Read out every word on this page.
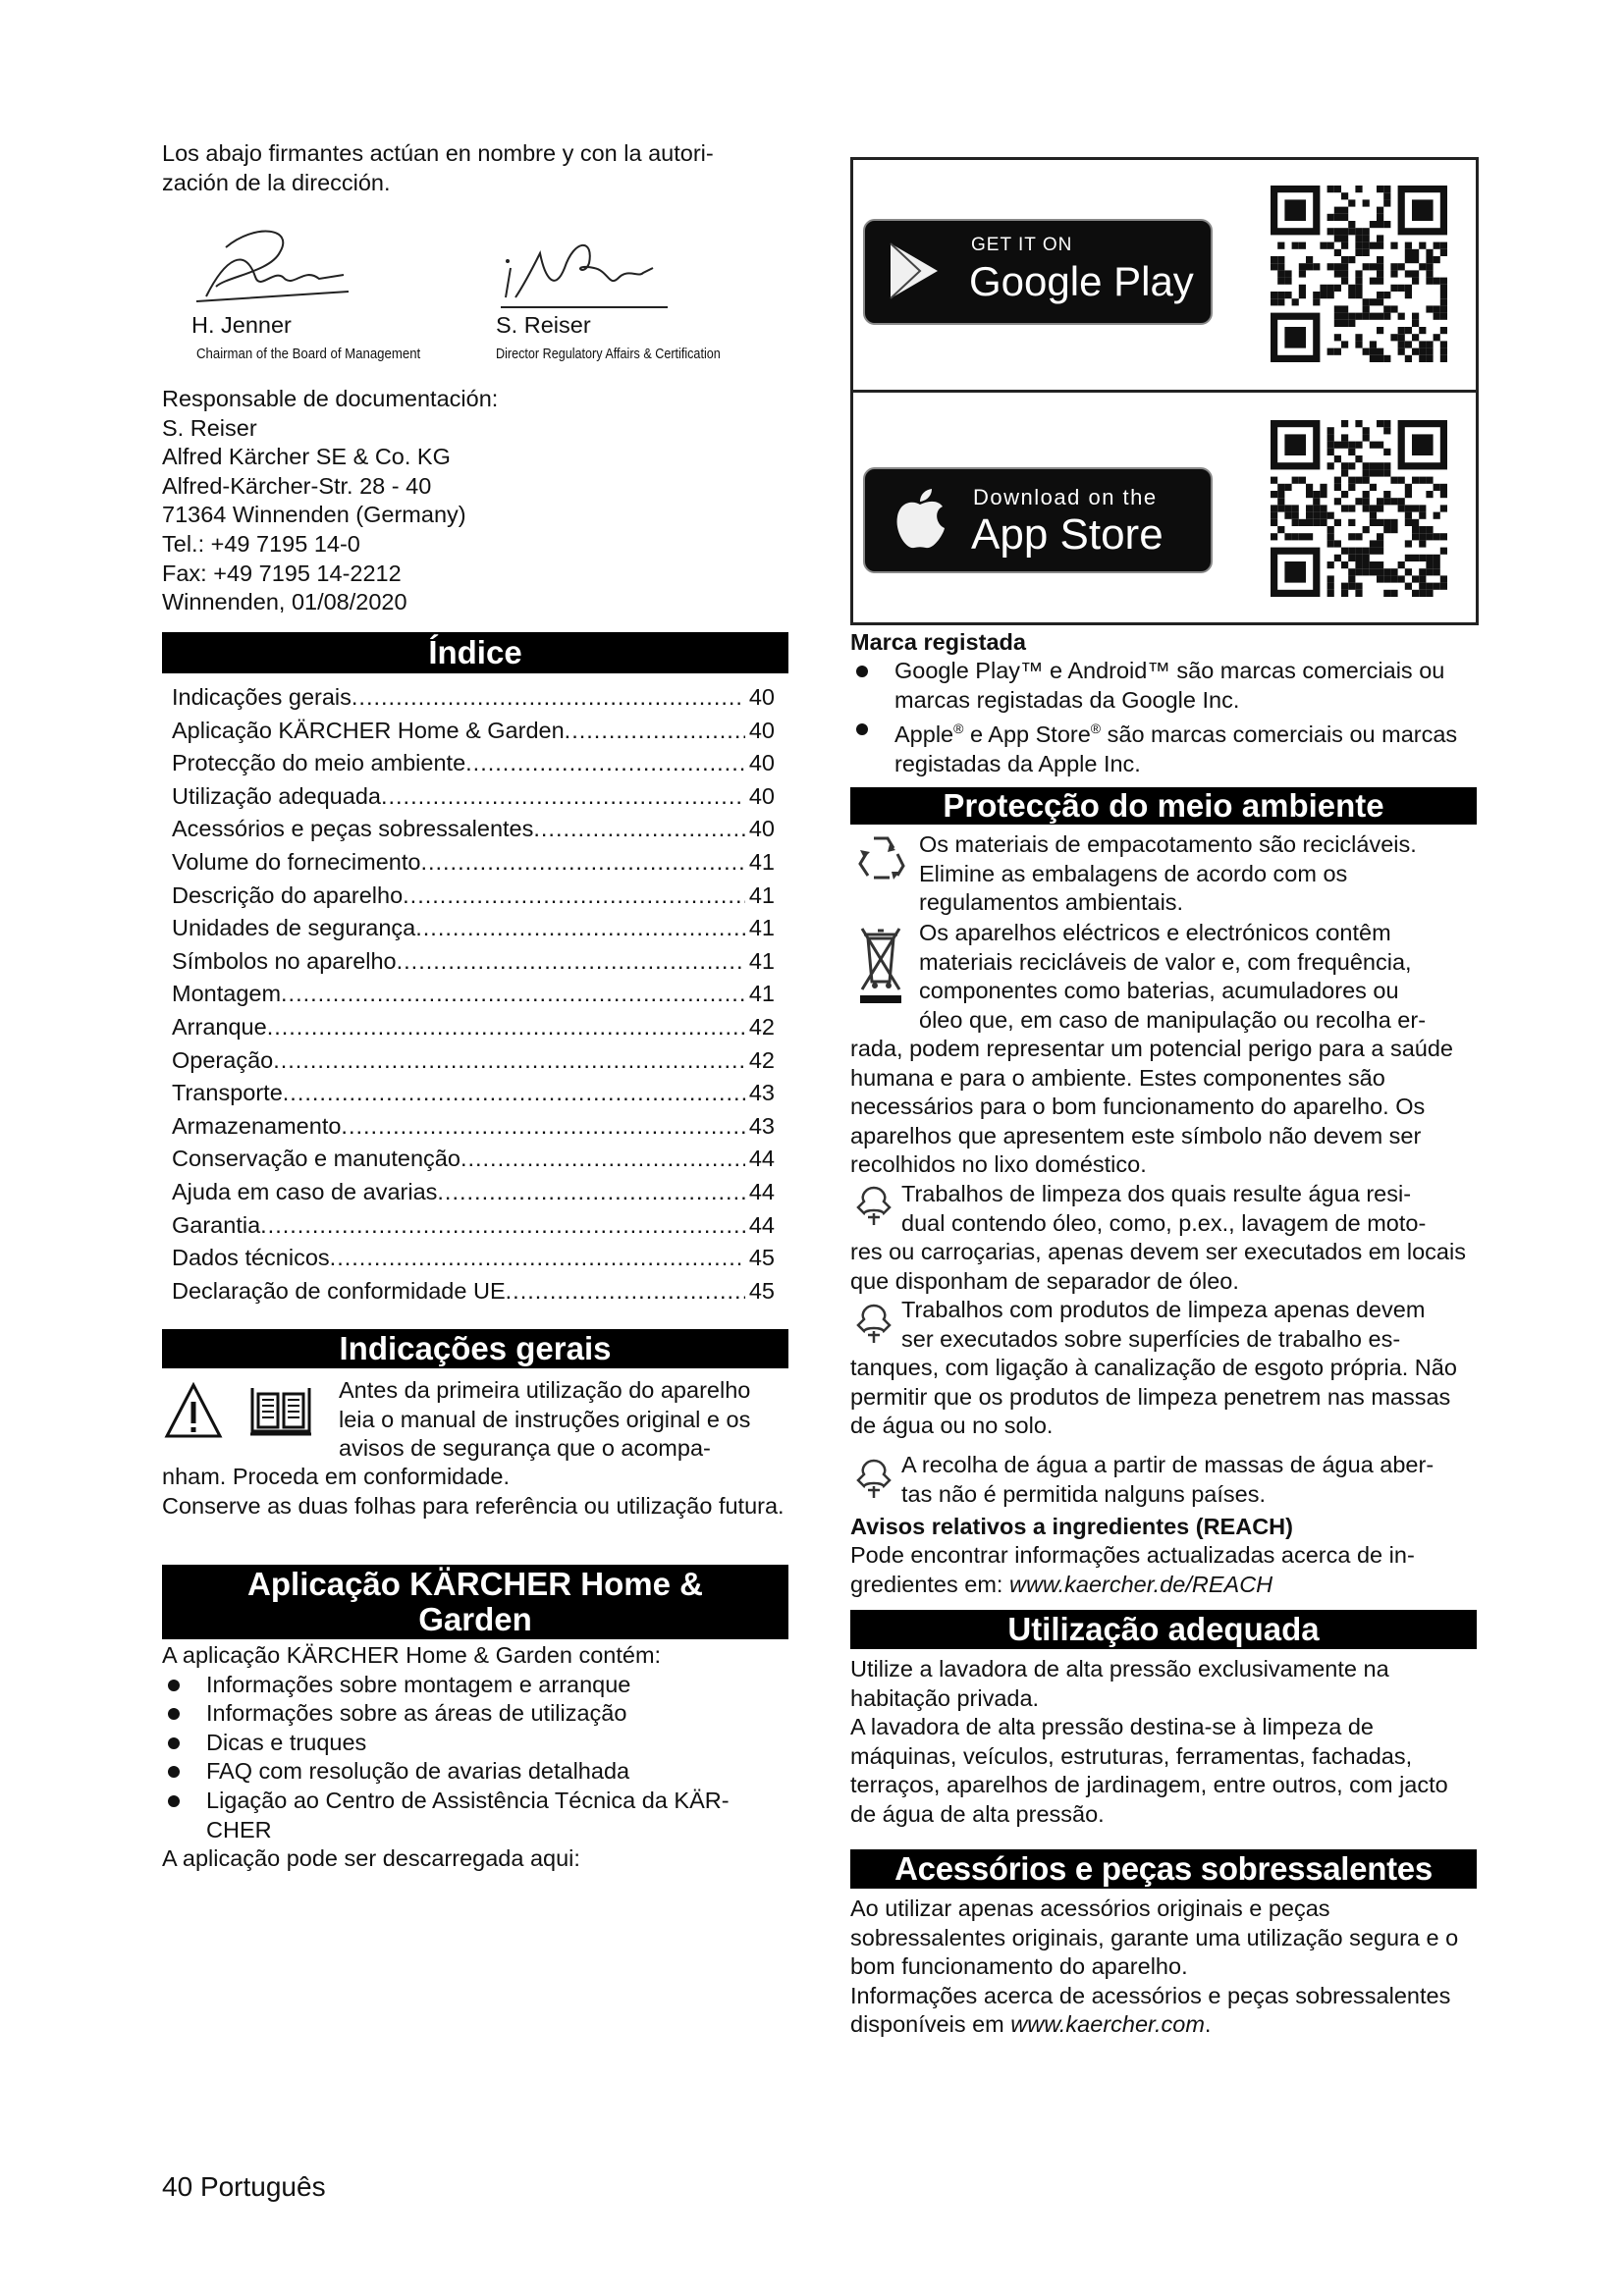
Los abajo firmantes actúan en nombre y con la autori-
zación de la dirección.

H. Jenner

Chairman of the Board of Management

S. Reiser

Director Regulatory Affairs & Certification

Responsable de documentación:

S. Reiser

Alfred Kärcher SE & Co. KG

Alfred-Kärcher-Str. 28 - 40

71364 Winnenden (Germany)

Tel.: +49 7195 14-0

Fax: +49 7195 14-2212

Winnenden, 01/08/2020

Índice
Indicações gerais .....	40
Aplicação KÄRCHER Home & Garden .....	40
Protecção do meio ambiente .....	40
Utilização adequada .....	40
Acessórios e peças sobressalentes .....	40
Volume do fornecimento .....	41
Descrição do aparelho .....	41
Unidades de segurança .....	41
Símbolos no aparelho .....	41
Montagem .....	41
Arranque .....	42
Operação .....	42
Transporte .....	43
Armazenamento .....	43
Conservação e manutenção .....	44
Ajuda em caso de avarias .....	44
Garantia .....	44
Dados técnicos .....	45
Declaração de conformidade UE .....	45
Indicações gerais

Antes da primeira utilização do aparelho

leia o manual de instruções original e os

avisos de segurança que o acompa-

nham. Proceda em conformidade.

Conserve as duas folhas para referência ou utilização futura.

Aplicação KÄRCHER Home &
Garden

A aplicação KÄRCHER Home & Garden contém:

Informações sobre montagem e arranque

Informações sobre as áreas de utilização

Dicas e truques

FAQ com resolução de avarias detalhada

Ligação ao Centro de Assistência Técnica da KÄR-
CHER

A aplicação pode ser descarregada aqui:

40 Português

GET IT ON
Google Play
Download on the
App Store

Marca registada

Google Play™ e Android™ são marcas comerciais ou marcas registadas da Google Inc.

Apple® e App Store® são marcas comerciais ou marcas registadas da Apple Inc.

Protecção do meio ambiente

Os materiais de empacotamento são recicláveis. Elimine as embalagens de acordo com os regulamentos ambientais.

Os aparelhos eléctricos e electrónicos contêm

materiais recicláveis de valor e, com frequência,

componentes como baterias, acumuladores ou

óleo que, em caso de manipulação ou recolha er-

rada, podem representar um potencial perigo para a saúde humana e para o ambiente. Estes componentes são necessários para o bom funcionamento do aparelho. Os aparelhos que apresentem este símbolo não devem ser recolhidos no lixo doméstico.

Trabalhos de limpeza dos quais resulte água resi-

dual contendo óleo, como, p.ex., lavagem de moto-

res ou carroçarias, apenas devem ser executados em locais que disponham de separador de óleo.

Trabalhos com produtos de limpeza apenas devem

ser executados sobre superfícies de trabalho es-

tanques, com ligação à canalização de esgoto própria. Não permitir que os produtos de limpeza penetrem nas massas de água ou no solo.

A recolha de água a partir de massas de água aber-

tas não é permitida nalguns países.

Avisos relativos a ingredientes (REACH)

Pode encontrar informações actualizadas acerca de in-

gredientes em: www.kaercher.de/REACH

Utilização adequada

Utilize a lavadora de alta pressão exclusivamente na habitação privada.

A lavadora de alta pressão destina-se à limpeza de máquinas, veículos, estruturas, ferramentas, fachadas, terraços, aparelhos de jardinagem, entre outros, com jacto de água de alta pressão.

Acessórios e peças sobressalentes

Ao utilizar apenas acessórios originais e peças sobressalentes originais, garante uma utilização segura e o bom funcionamento do aparelho.

Informações acerca de acessórios e peças sobressalentes disponíveis em www.kaercher.com.
